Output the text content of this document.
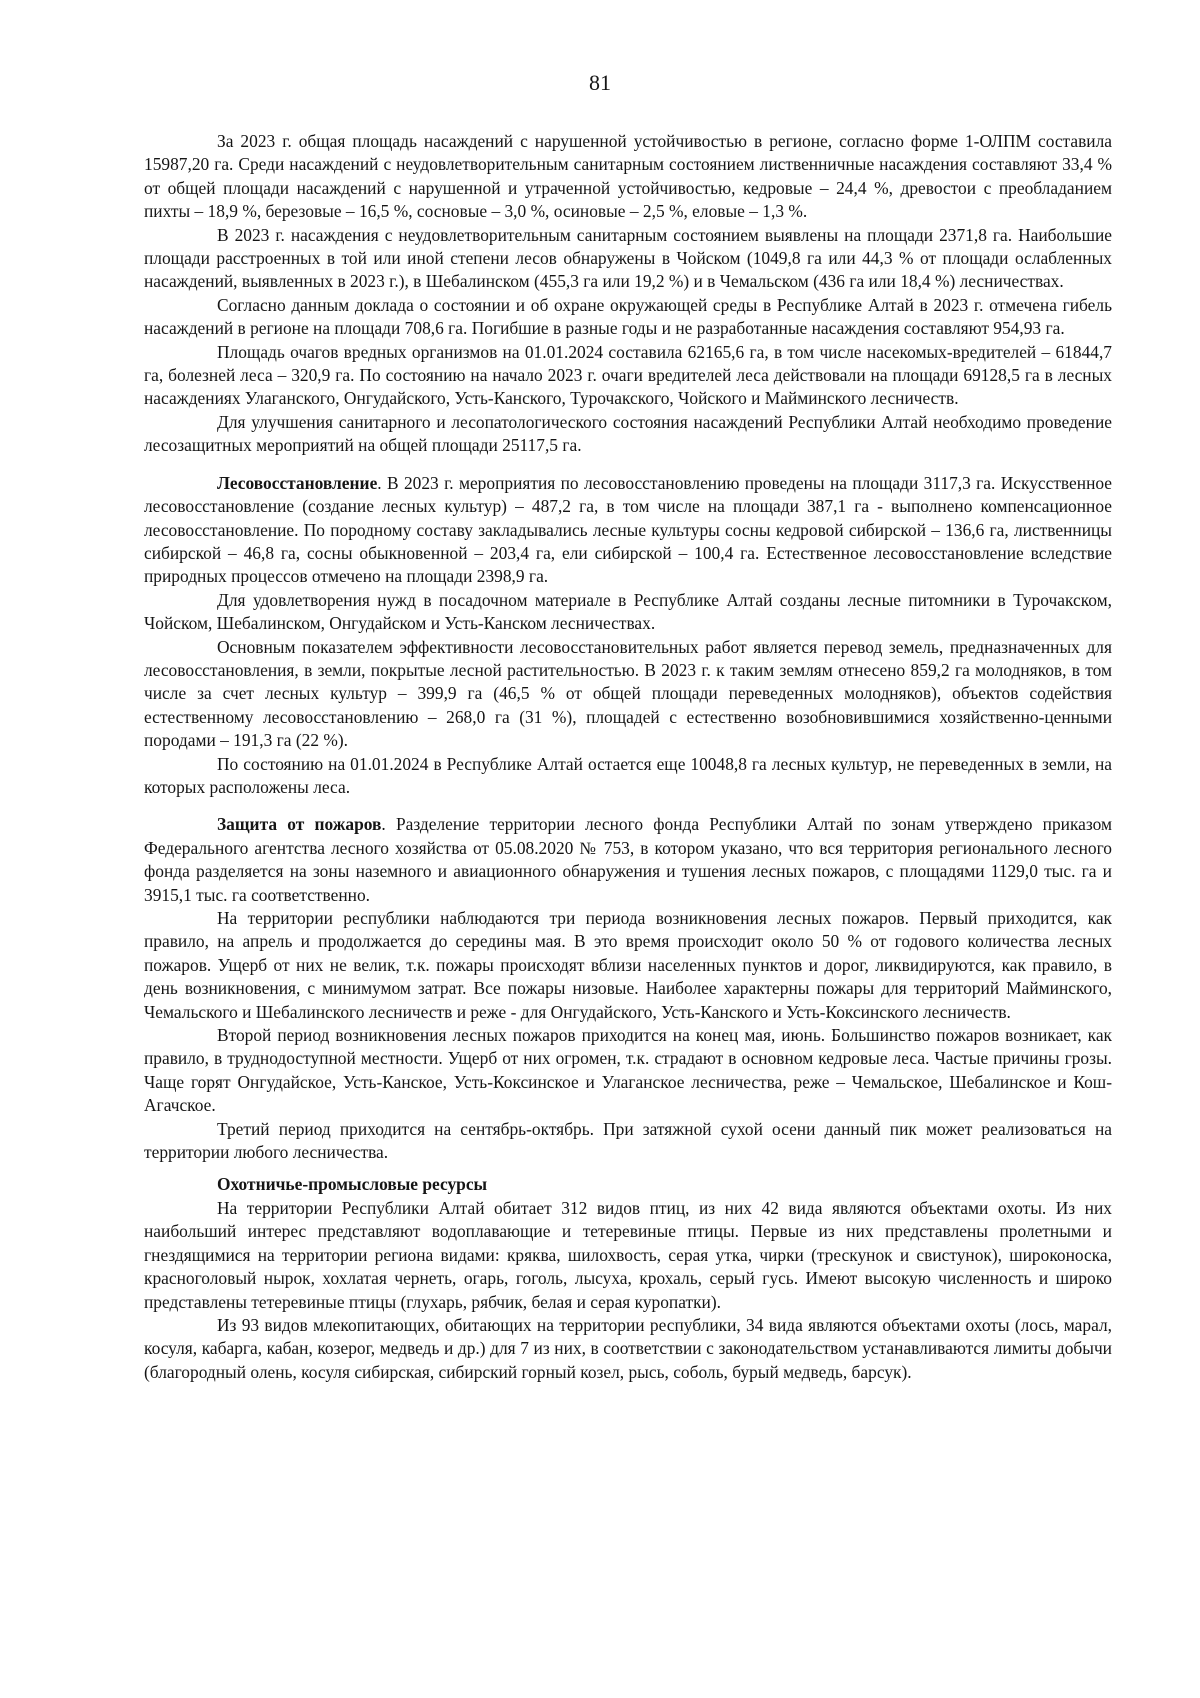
81

За 2023 г. общая площадь насаждений с нарушенной устойчивостью в регионе, согласно форме 1-ОЛПМ составила 15987,20 га. Среди насаждений с неудовлетворительным санитарным состоянием лиственничные насаждения составляют 33,4 % от общей площади насаждений с нарушенной и утраченной устойчивостью, кедровые – 24,4 %, древостои с преобладанием пихты – 18,9 %, березовые – 16,5 %, сосновые – 3,0 %, осиновые – 2,5 %, еловые – 1,3 %.

В 2023 г. насаждения с неудовлетворительным санитарным состоянием выявлены на площади 2371,8 га. Наибольшие площади расстроенных в той или иной степени лесов обнаружены в Чойском (1049,8 га или 44,3 % от площади ослабленных насаждений, выявленных в 2023 г.), в Шебалинском (455,3 га или 19,2 %) и в Чемальском (436 га или 18,4 %) лесничествах.

Согласно данным доклада о состоянии и об охране окружающей среды в Республике Алтай в 2023 г. отмечена гибель насаждений в регионе на площади 708,6 га. Погибшие в разные годы и не разработанные насаждения составляют 954,93 га.

Площадь очагов вредных организмов на 01.01.2024 составила 62165,6 га, в том числе насекомых-вредителей – 61844,7 га, болезней леса – 320,9 га. По состоянию на начало 2023 г. очаги вредителей леса действовали на площади 69128,5 га в лесных насаждениях Улаганского, Онгудайского, Усть-Канского, Турочакского, Чойского и Майминского лесничеств.

Для улучшения санитарного и лесопатологического состояния насаждений Республики Алтай необходимо проведение лесозащитных мероприятий на общей площади 25117,5 га.

Лесовосстановление. В 2023 г. мероприятия по лесовосстановлению проведены на площади 3117,3 га. Искусственное лесовосстановление (создание лесных культур) – 487,2 га, в том числе на площади 387,1 га - выполнено компенсационное лесовосстановление. По породному составу закладывались лесные культуры сосны кедровой сибирской – 136,6 га, лиственницы сибирской – 46,8 га, сосны обыкновенной – 203,4 га, ели сибирской – 100,4 га. Естественное лесовосстановление вследствие природных процессов отмечено на площади 2398,9 га.

Для удовлетворения нужд в посадочном материале в Республике Алтай созданы лесные питомники в Турочакском, Чойском, Шебалинском, Онгудайском и Усть-Канском лесничествах.

Основным показателем эффективности лесовосстановительных работ является перевод земель, предназначенных для лесовосстановления, в земли, покрытые лесной растительностью. В 2023 г. к таким землям отнесено 859,2 га молодняков, в том числе за счет лесных культур – 399,9 га (46,5 % от общей площади переведенных молодняков), объектов содействия естественному лесовосстановлению – 268,0 га (31 %), площадей с естественно возобновившимися хозяйственно-ценными породами – 191,3 га (22 %).

По состоянию на 01.01.2024 в Республике Алтай остается еще 10048,8 га лесных культур, не переведенных в земли, на которых расположены леса.

Защита от пожаров. Разделение территории лесного фонда Республики Алтай по зонам утверждено приказом Федерального агентства лесного хозяйства от 05.08.2020 № 753, в котором указано, что вся территория регионального лесного фонда разделяется на зоны наземного и авиационного обнаружения и тушения лесных пожаров, с площадями 1129,0 тыс. га и 3915,1 тыс. га соответственно.

На территории республики наблюдаются три периода возникновения лесных пожаров. Первый приходится, как правило, на апрель и продолжается до середины мая. В это время происходит около 50 % от годового количества лесных пожаров. Ущерб от них не велик, т.к. пожары происходят вблизи населенных пунктов и дорог, ликвидируются, как правило, в день возникновения, с минимумом затрат. Все пожары низовые. Наиболее характерны пожары для территорий Майминского, Чемальского и Шебалинского лесничеств и реже - для Онгудайского, Усть-Канского и Усть-Коксинского лесничеств.

Второй период возникновения лесных пожаров приходится на конец мая, июнь. Большинство пожаров возникает, как правило, в труднодоступной местности. Ущерб от них огромен, т.к. страдают в основном кедровые леса. Частые причины грозы. Чаще горят Онгудайское, Усть-Канское, Усть-Коксинское и Улаганское лесничества, реже – Чемальское, Шебалинское и Кош-Агачское.

Третий период приходится на сентябрь-октябрь. При затяжной сухой осени данный пик может реализоваться на территории любого лесничества.

Охотничье-промысловые ресурсы

На территории Республики Алтай обитает 312 видов птиц, из них 42 вида являются объектами охоты. Из них наибольший интерес представляют водоплавающие и тетеревиные птицы. Первые из них представлены пролетными и гнездящимися на территории региона видами: кряква, шилохвость, серая утка, чирки (трескунок и свистунок), широконоска, красноголовый нырок, хохлатая чернеть, огарь, гоголь, лысуха, крохаль, серый гусь. Имеют высокую численность и широко представлены тетеревиные птицы (глухарь, рябчик, белая и серая куропатки).

Из 93 видов млекопитающих, обитающих на территории республики, 34 вида являются объектами охоты (лось, марал, косуля, кабарга, кабан, козерог, медведь и др.) для 7 из них, в соответствии с законодательством устанавливаются лимиты добычи (благородный олень, косуля сибирская, сибирский горный козел, рысь, соболь, бурый медведь, барсук).
